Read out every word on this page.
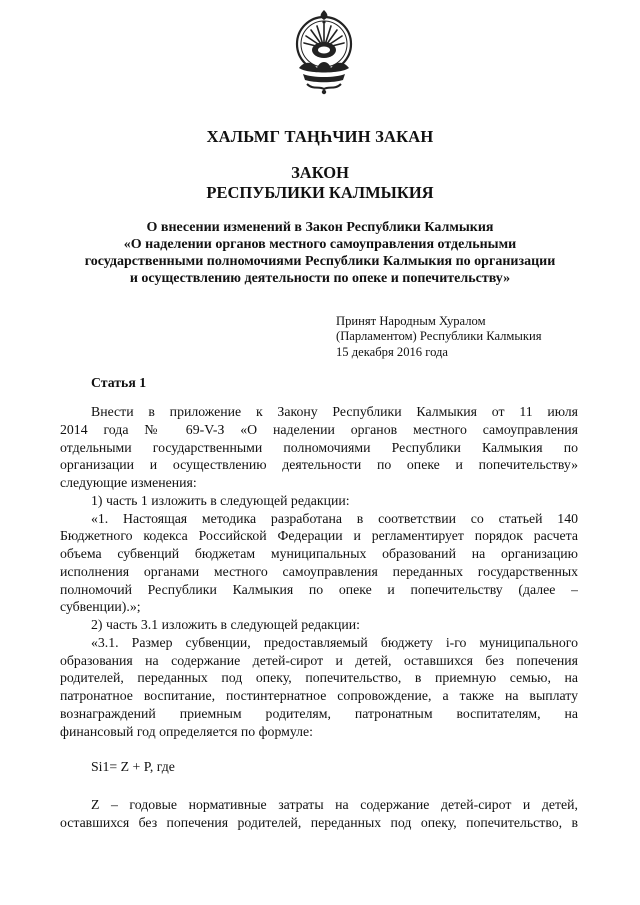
ХАЛЬМГ ТАҢҺЧИН ЗАКАН
ЗАКОН
РЕСПУБЛИКИ КАЛМЫКИЯ
О внесении изменений в Закон Республики Калмыкия
«О наделении органов местного самоуправления отдельными
государственными полномочиями Республики Калмыкия по организации
и осуществлению деятельности по опеке и попечительству»
Принят Народным Хуралом
(Парламентом) Республики Калмыкия
15 декабря 2016 года
Статья 1
Внести в приложение к Закону Республики Калмыкия от 11 июля
2014 года № 69-V-З «О наделении органов местного самоуправления
отдельными государственными полномочиями Республики Калмыкия по
организации и осуществлению деятельности по опеке и попечительству»
следующие изменения:
1) часть 1 изложить в следующей редакции:
«1. Настоящая методика разработана в соответствии со статьей 140
Бюджетного кодекса Российской Федерации и регламентирует порядок расчета
объема субвенций бюджетам муниципальных образований на организацию
исполнения органами местного самоуправления переданных государственных
полномочий Республики Калмыкия по опеке и попечительству (далее –
субвенции).»;
2) часть 3.1 изложить в следующей редакции:
«3.1. Размер субвенции, предоставляемый бюджету i-го муниципального
образования на содержание детей-сирот и детей, оставшихся без попечения
родителей, переданных под опеку, попечительство, в приемную семью, на
патронатное воспитание, постинтернатное сопровождение, а также на выплату
вознаграждений приемным родителям, патронатным воспитателям, на
финансовый год определяется по формуле:
Si1= Z + P, где
Z – годовые нормативные затраты на содержание детей-сирот и детей,
оставшихся без попечения родителей, переданных под опеку, попечительство, в
